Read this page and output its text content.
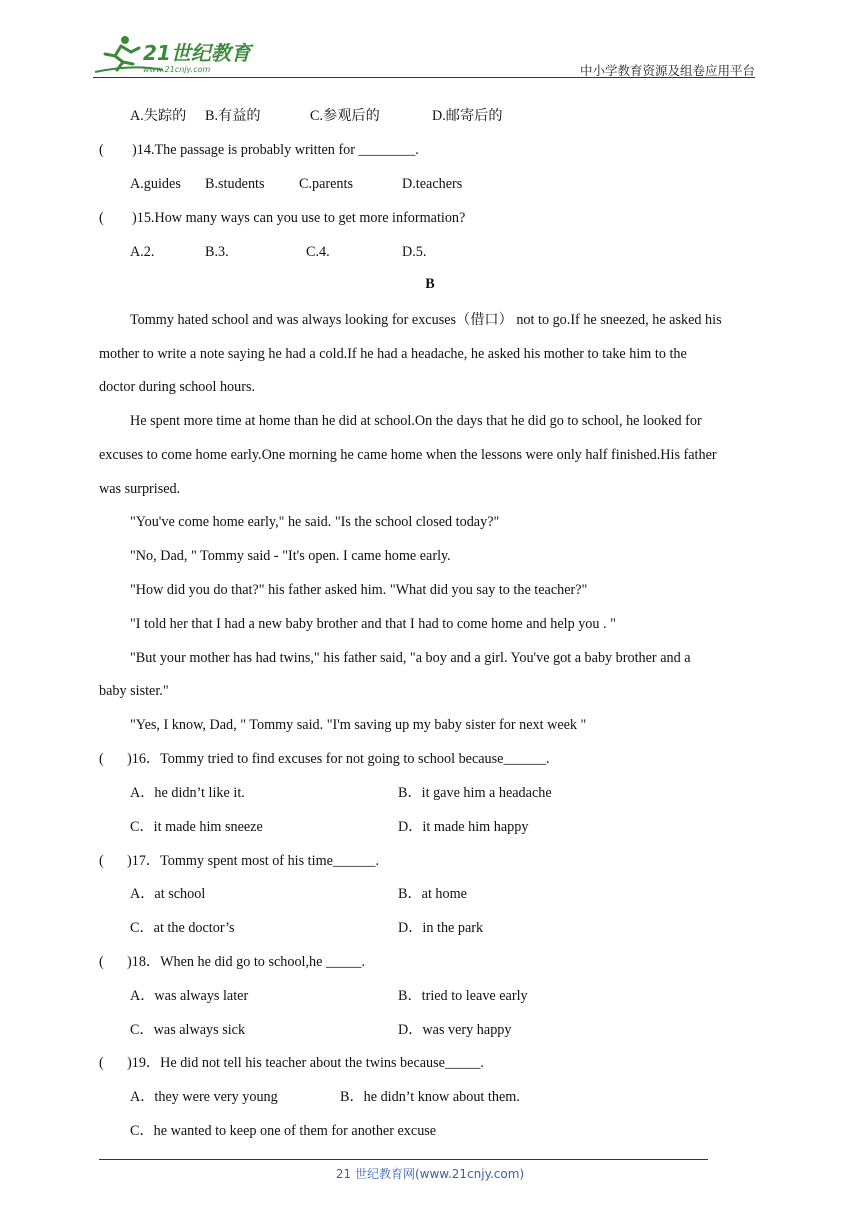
21世纪教育
www.21cnjy.com	中小学教育资源及组卷应用平台
A.失踪的 B.有益的	C.参观后的	D.邮寄后的
( )14.The passage is probably written for ________.
A.guides B.students C.parents	D.teachers
( )15.How many ways can you use to get more information?
A.2.	B.3.	C.4.	D.5.
B
Tommy hated school and was always looking for excuses（借口） not to go.If he sneezed, he asked his
mother to write a note saying he had a cold.If he had a headache, he asked his mother to take him to the
doctor during school hours.
He spent more time at home than he did at school.On the days that he did go to school, he looked for
excuses to come home early.One morning he came home when the lessons were only half finished.His father
was surprised.
"You've come home early," he said. "Is the school closed today?"
"No, Dad, " Tommy said - "It's open. I came home early.
"How did you do that?" his father asked him. "What did you say to the teacher?"
"I told her that I had a new baby brother and that I had to come home and help you . "
"But your mother has had twins," his father said, "a boy and a girl. You've got a baby brother and a
baby sister."
"Yes, I know, Dad, " Tommy said. "I'm saving up my baby sister for next week "
( )16．Tommy tried to find excuses for not going to school because______.
A．he didn’t like it.	B．it gave him a headache
C．it made him sneeze	D．it made him happy
( )17．Tommy spent most of his time______.
A．at school	B．at home
C．at the doctor’s	D．in the park
( )18．When he did go to school,he _____.
A．was always later	B．tried to leave early
C．was always sick	D．was very happy
( )19．He did not tell his teacher about the twins because_____.
A．they were very young	B．he didn’t know about them.
C．he wanted to keep one of them for another excuse
21 世纪教育网(www.21cnjy.com)
